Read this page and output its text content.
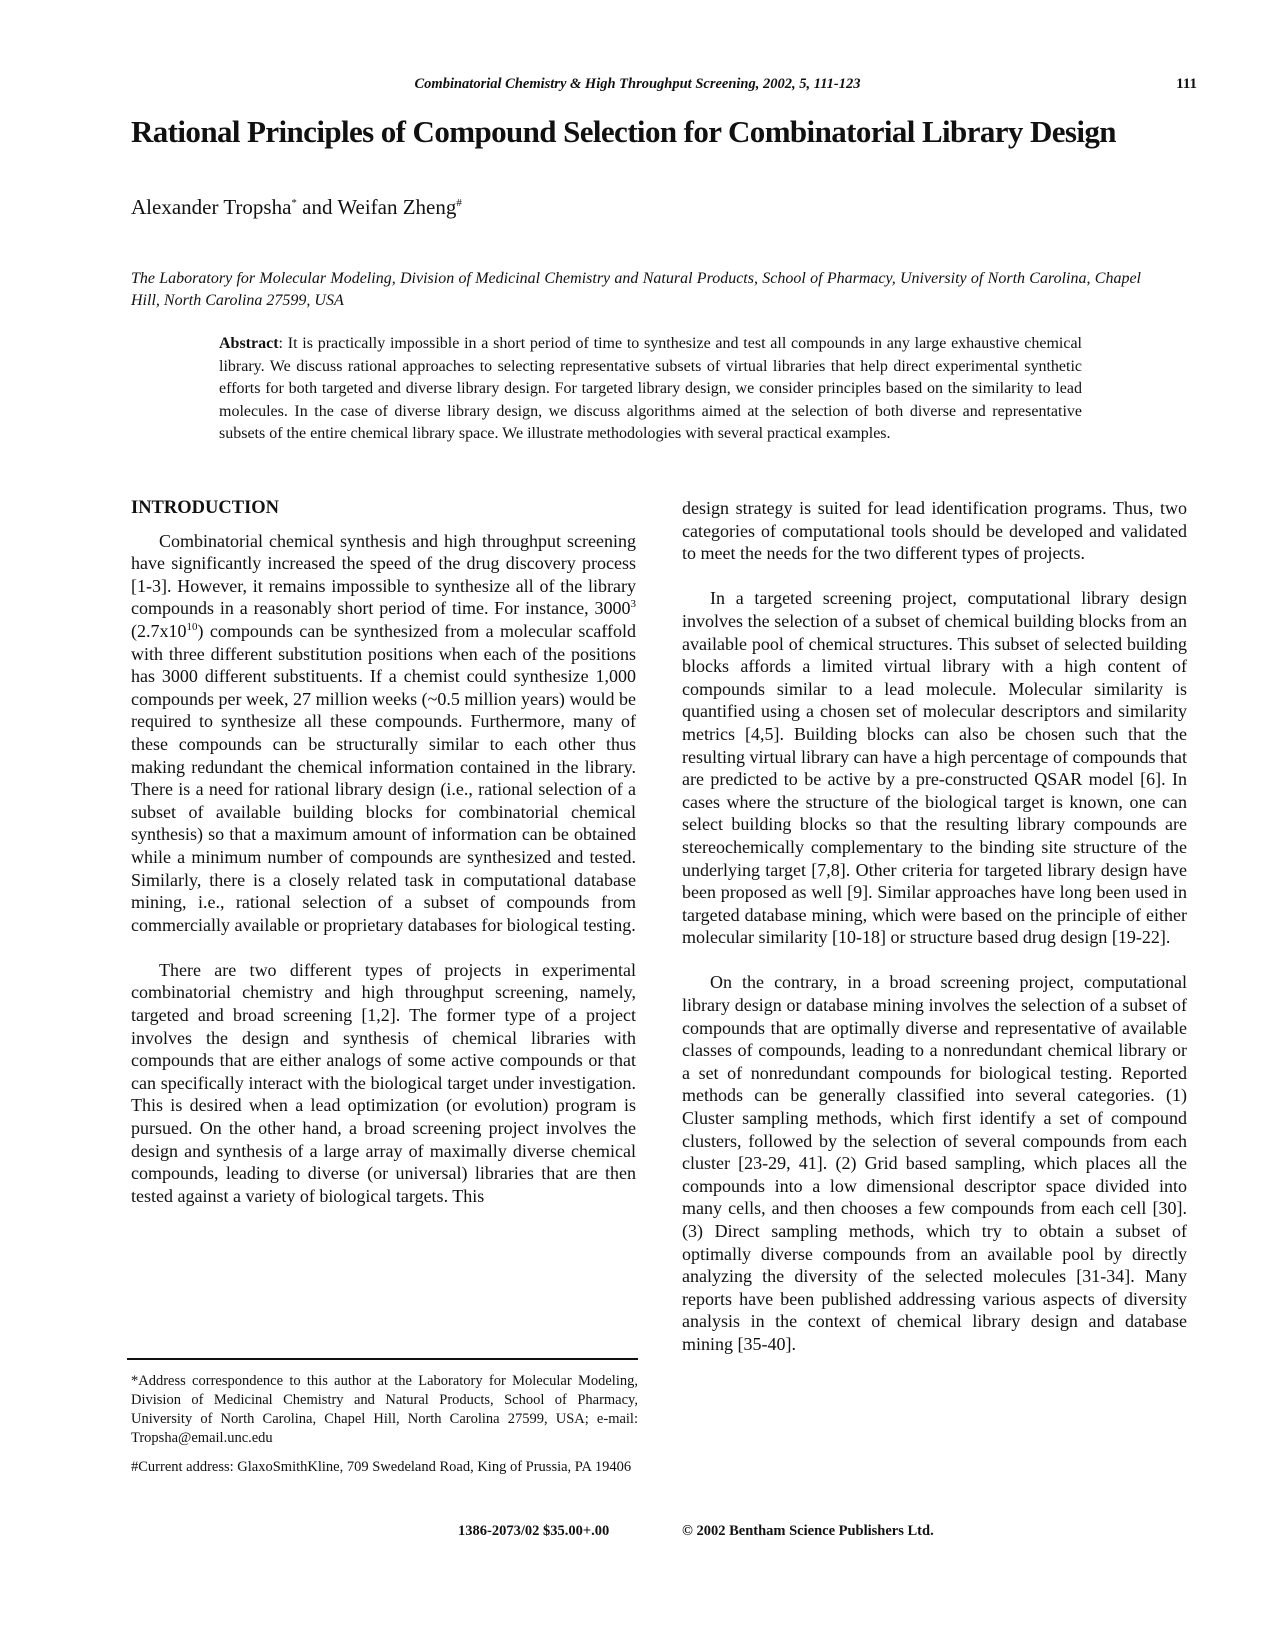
Combinatorial Chemistry & High Throughput Screening, 2002, 5, 111-123	111
Rational Principles of Compound Selection for Combinatorial Library Design
Alexander Tropsha* and Weifan Zheng#
The Laboratory for Molecular Modeling, Division of Medicinal Chemistry and Natural Products, School of Pharmacy, University of North Carolina, Chapel Hill, North Carolina 27599, USA
Abstract: It is practically impossible in a short period of time to synthesize and test all compounds in any large exhaustive chemical library. We discuss rational approaches to selecting representative subsets of virtual libraries that help direct experimental synthetic efforts for both targeted and diverse library design. For targeted library design, we consider principles based on the similarity to lead molecules. In the case of diverse library design, we discuss algorithms aimed at the selection of both diverse and representative subsets of the entire chemical library space. We illustrate methodologies with several practical examples.
INTRODUCTION

Combinatorial chemical synthesis and high throughput screening have significantly increased the speed of the drug discovery process [1-3]. However, it remains impossible to synthesize all of the library compounds in a reasonably short period of time. For instance, 3000$^3$ $(2.7x10^{10})$ compounds can be synthesized from a molecular scaffold with three different substitution positions when each of the positions has 3000 different substituents. If a chemist could synthesize 1,000 compounds per week, 27 million weeks (~0.5 million years) would be required to synthesize all these compounds. Furthermore, many of these compounds can be structurally similar to each other thus making redundant the chemical information contained in the library. There is a need for rational library design (i.e., rational selection of a subset of available building blocks for combinatorial chemical synthesis) so that a maximum amount of information can be obtained while a minimum number of compounds are synthesized and tested. Similarly, there is a closely related task in computational database mining, i.e., rational selection of a subset of compounds from commercially available or proprietary databases for biological testing.

There are two different types of projects in experimental combinatorial chemistry and high throughput screening, namely, targeted and broad screening [1,2]. The former type of a project involves the design and synthesis of chemical libraries with compounds that are either analogs of some active compounds or that can specifically interact with the biological target under investigation. This is desired when a lead optimization (or evolution) program is pursued. On the other hand, a broad screening project involves the design and synthesis of a large array of maximally diverse chemical compounds, leading to diverse (or universal) libraries that are then tested against a variety of biological targets. This

design strategy is suited for lead identification programs. Thus, two categories of computational tools should be developed and validated to meet the needs for the two different types of projects.

In a targeted screening project, computational library design involves the selection of a subset of chemical building blocks from an available pool of chemical structures. This subset of selected building blocks affords a limited virtual library with a high content of compounds similar to a lead molecule. Molecular similarity is quantified using a chosen set of molecular descriptors and similarity metrics [4,5]. Building blocks can also be chosen such that the resulting virtual library can have a high percentage of compounds that are predicted to be active by a pre-constructed QSAR model [6]. In cases where the structure of the biological target is known, one can select building blocks so that the resulting library compounds are stereochemically complementary to the binding site structure of the underlying target [7,8]. Other criteria for targeted library design have been proposed as well [9]. Similar approaches have long been used in targeted database mining, which were based on the principle of either molecular similarity [10-18] or structure based drug design [19-22].

On the contrary, in a broad screening project, computational library design or database mining involves the selection of a subset of compounds that are optimally diverse and representative of available classes of compounds, leading to a nonredundant chemical library or a set of nonredundant compounds for biological testing. Reported methods can be generally classified into several categories. (1) Cluster sampling methods, which first identify a set of compound clusters, followed by the selection of several compounds from each cluster [23-29, 41]. (2) Grid based sampling, which places all the compounds into a low dimensional descriptor space divided into many cells, and then chooses a few compounds from each cell [30]. (3) Direct sampling methods, which try to obtain a subset of optimally diverse compounds from an available pool by directly analyzing the diversity of the selected molecules [31-34]. Many reports have been published addressing various aspects of diversity analysis in the context of chemical library design and database mining [35-40].

*Address correspondence to this author at the Laboratory for Molecular Modeling, Division of Medicinal Chemistry and Natural Products, School of Pharmacy, University of North Carolina, Chapel Hill, North Carolina 27599, USA; e-mail: Tropsha@email.unc.edu

#Current address: GlaxoSmithKline, 709 Swedeland Road, King of Prussia, PA 19406

1386-2073/02 $35.00+.00	© 2002 Bentham Science Publishers Ltd.
